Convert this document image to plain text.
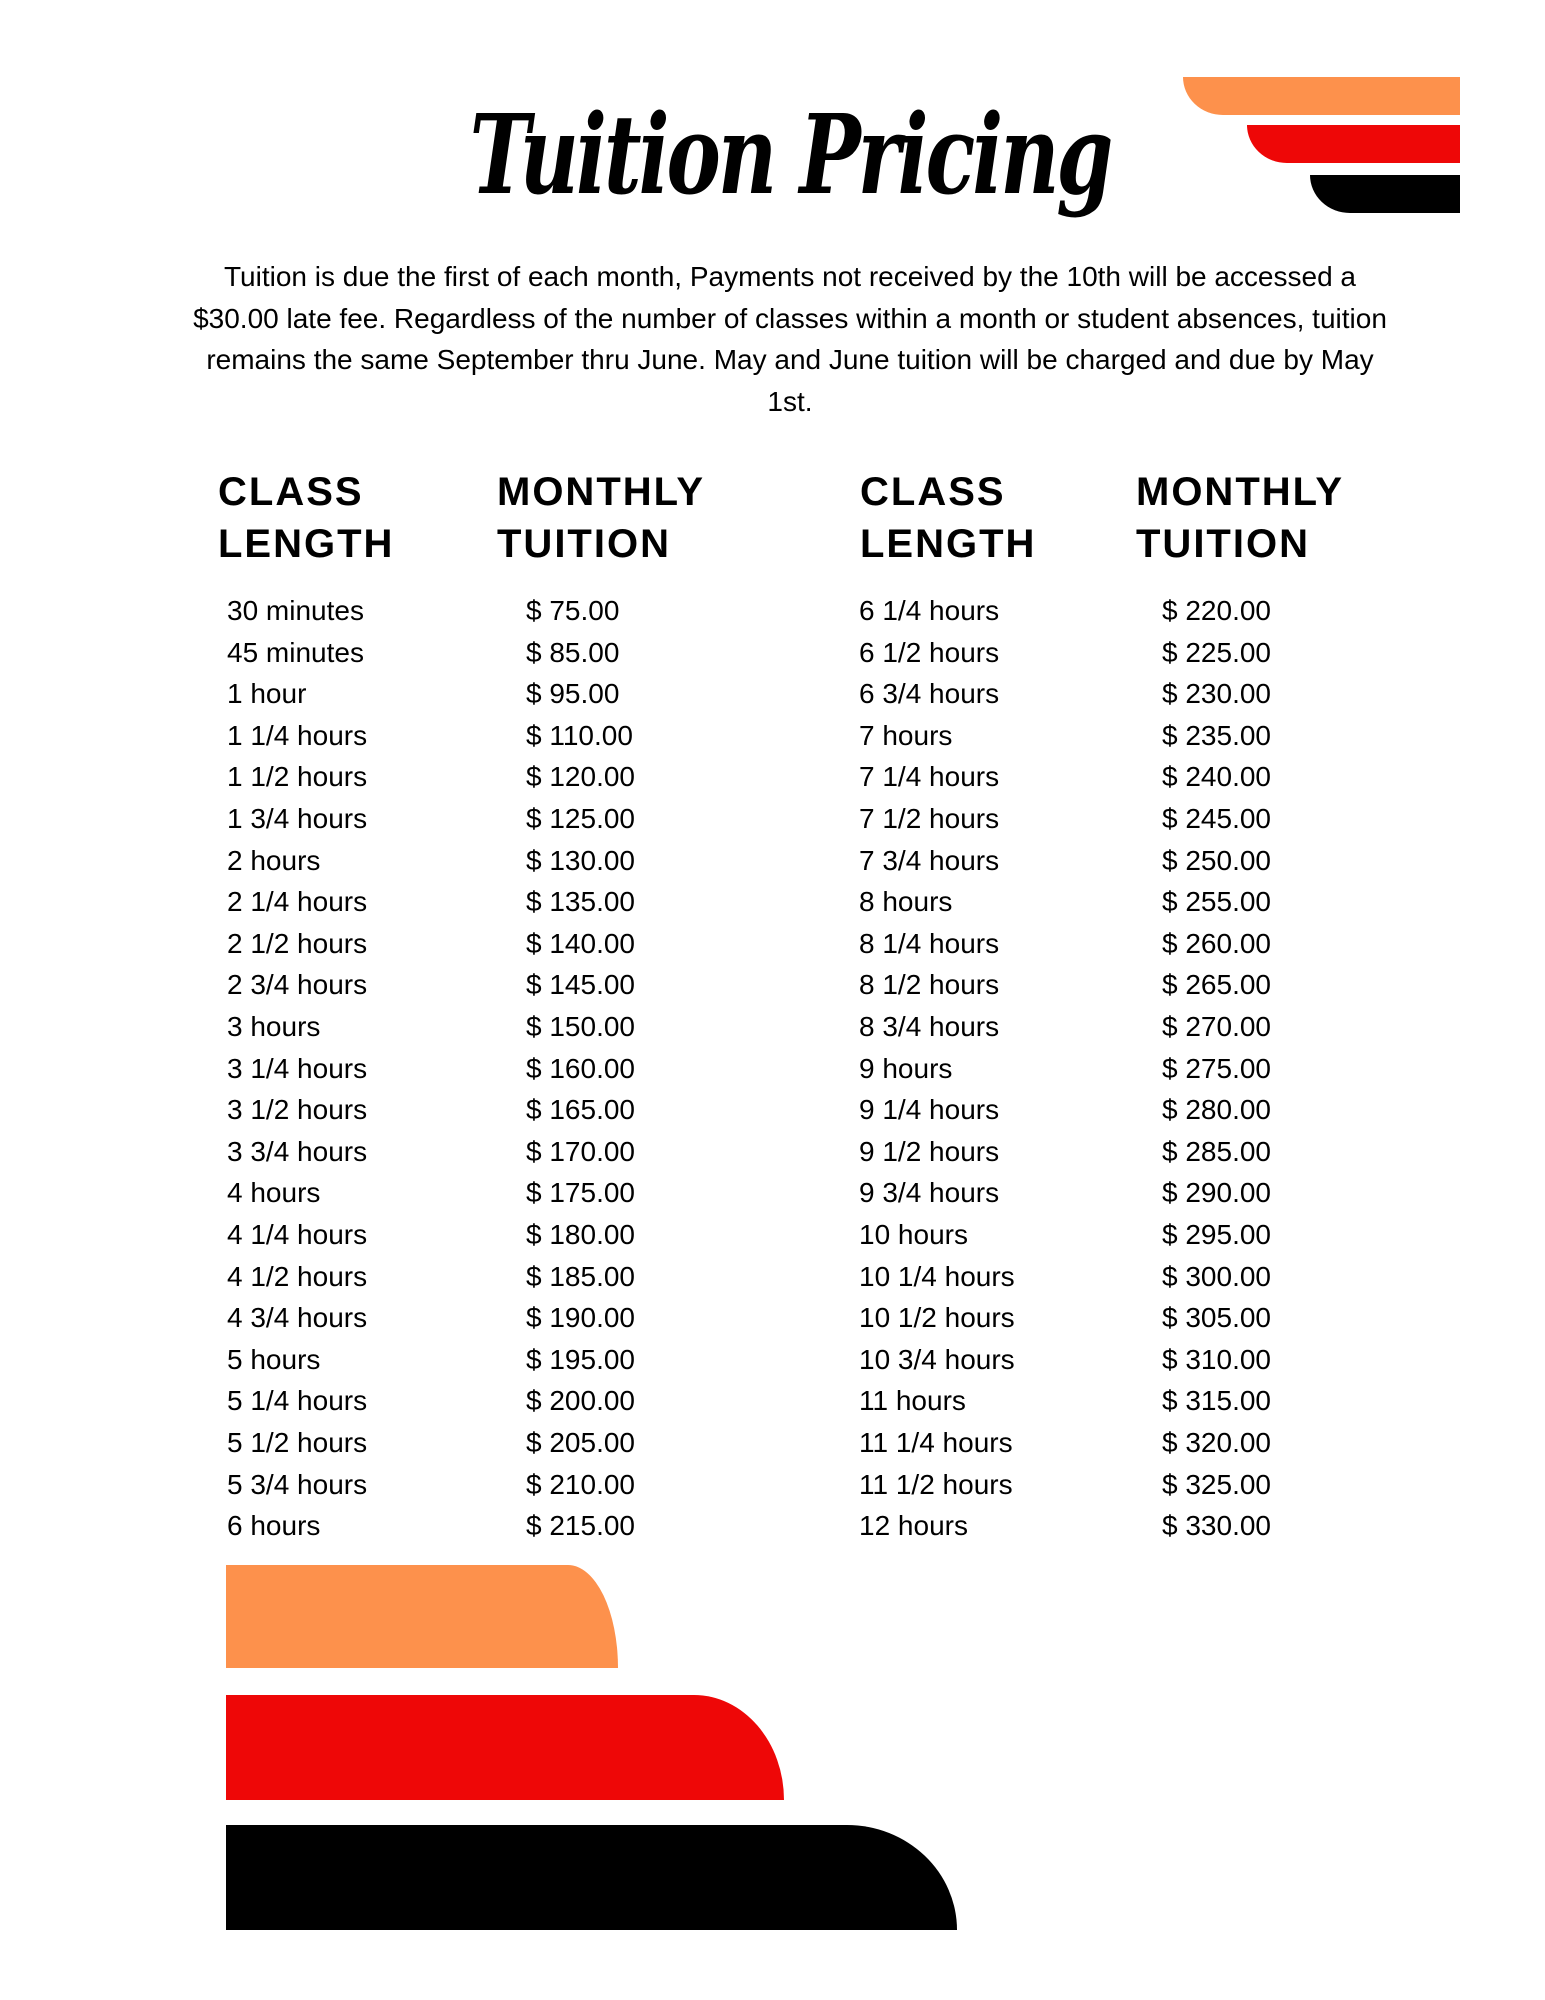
Tuition Pricing
Tuition is due the first of each month, Payments not received by the 10th will be accessed a $30.00 late fee. Regardless of the number of classes within a month or student absences, tuition remains the same September thru June. May and June tuition will be charged and due by May 1st.
CLASS
LENGTH
MONTHLY
TUITION
CLASS
LENGTH
MONTHLY
TUITION
30 minutes	$ 75.00
45 minutes	$ 85.00
1 hour	$ 95.00
1 1/4 hours	$ 110.00
1 1/2 hours	$ 120.00
1 3/4 hours	$ 125.00
2 hours	$ 130.00
2 1/4 hours	$ 135.00
2 1/2 hours	$ 140.00
2 3/4 hours	$ 145.00
3 hours	$ 150.00
3 1/4 hours	$ 160.00
3 1/2 hours	$ 165.00
3 3/4 hours	$ 170.00
4 hours	$ 175.00
4 1/4 hours	$ 180.00
4 1/2 hours	$ 185.00
4 3/4 hours	$ 190.00
5 hours	$ 195.00
5 1/4 hours	$ 200.00
5 1/2 hours	$ 205.00
5 3/4 hours	$ 210.00
6 hours	$ 215.00
6 1/4 hours	$ 220.00
6 1/2 hours	$ 225.00
6 3/4 hours	$ 230.00
7 hours	$ 235.00
7 1/4 hours	$ 240.00
7 1/2 hours	$ 245.00
7 3/4 hours	$ 250.00
8 hours	$ 255.00
8 1/4 hours	$ 260.00
8 1/2 hours	$ 265.00
8 3/4 hours	$ 270.00
9 hours	$ 275.00
9 1/4 hours	$ 280.00
9 1/2 hours	$ 285.00
9 3/4 hours	$ 290.00
10 hours	$ 295.00
10 1/4 hours	$ 300.00
10 1/2 hours	$ 305.00
10 3/4 hours	$ 310.00
11 hours	$ 315.00
11 1/4 hours	$ 320.00
11 1/2 hours	$ 325.00
12 hours	$ 330.00
